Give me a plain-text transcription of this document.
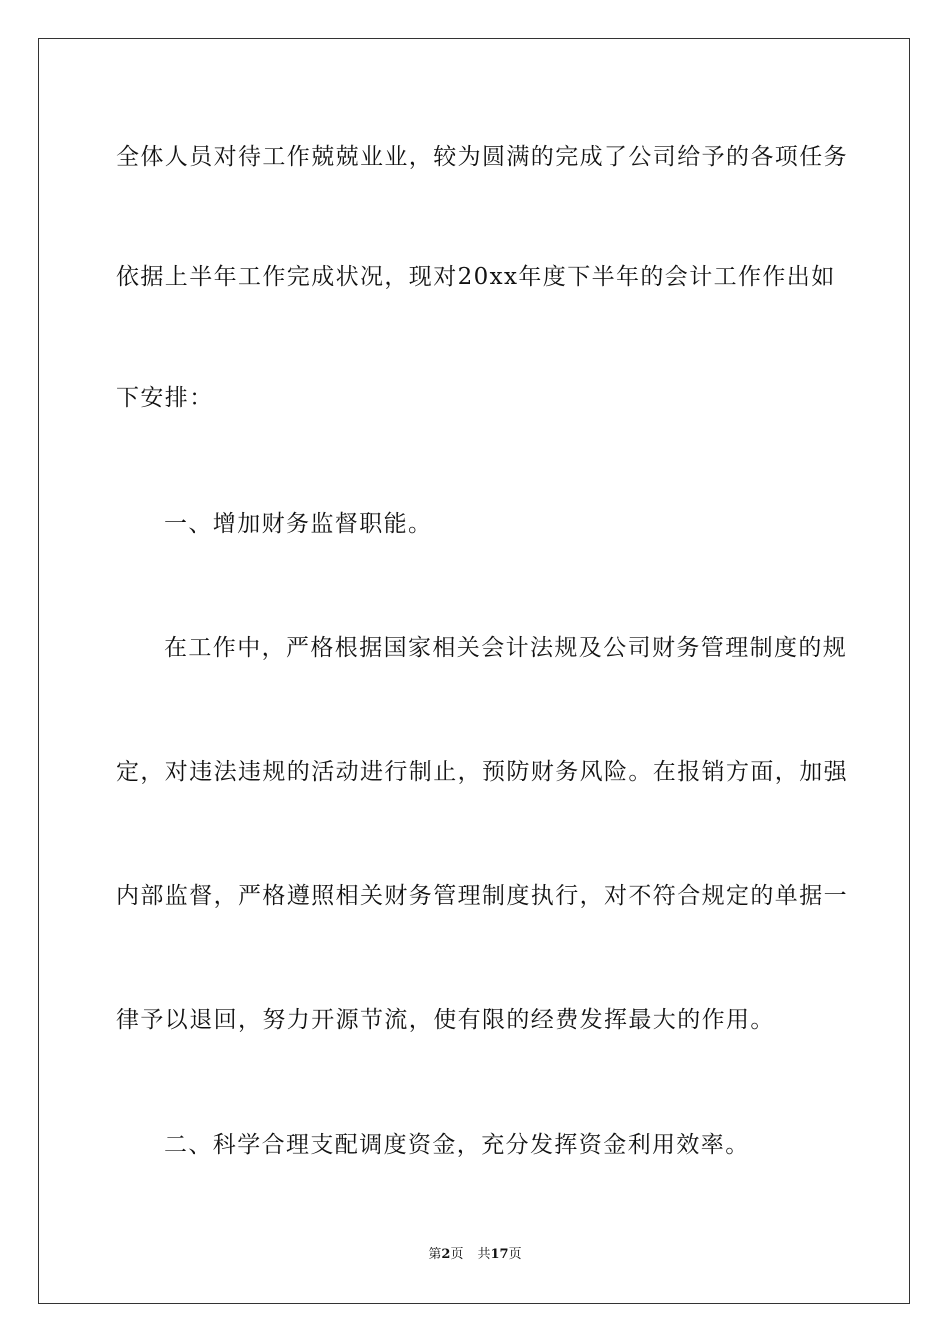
全体人员对待工作兢兢业业，较为圆满的完成了公司给予的各项任务
依据上半年工作完成状况，现对20xx年度下半年的会计工作作出如
下安排：
一、增加财务监督职能。
在工作中，严格根据国家相关会计法规及公司财务管理制度的规
定，对违法违规的活动进行制止，预防财务风险。在报销方面，加强
内部监督，严格遵照相关财务管理制度执行，对不符合规定的单据一
律予以退回，努力开源节流，使有限的经费发挥最大的作用。
二、科学合理支配调度资金，充分发挥资金利用效率。
第2页 共17页
